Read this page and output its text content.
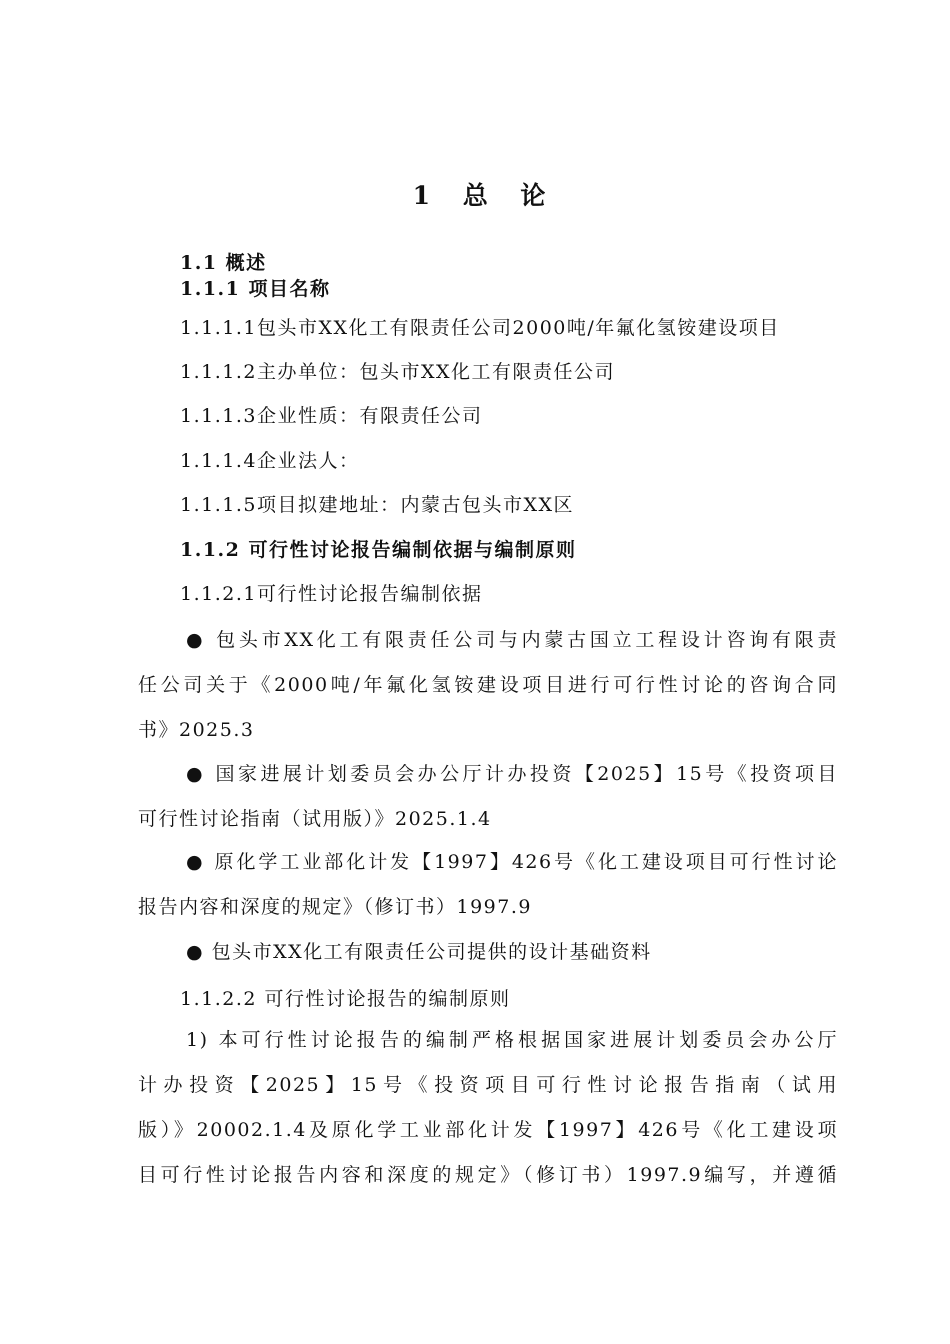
1 总 论
1.1 概述
1.1.1 项目名称
1.1.1.1包头市XX化工有限责任公司2000吨/年氟化氢铵建设项目
1.1.1.2主办单位：包头市XX化工有限责任公司
1.1.1.3企业性质：有限责任公司
1.1.1.4企业法人：
1.1.1.5项目拟建地址：内蒙古包头市XX区
1.1.2 可行性讨论报告编制依据与编制原则
1.1.2.1可行性讨论报告编制依据
● 包头市XX化工有限责任公司与内蒙古国立工程设计咨询有限责
任公司关于《2000吨/年氟化氢铵建设项目进行可行性讨论的咨询合同
书》2025.3
● 国家进展计划委员会办公厅计办投资【2025】15号《投资项目
可行性讨论指南（试用版）》2025.1.4
● 原化学工业部化计发【1997】426号《化工建设项目可行性讨论
报告内容和深度的规定》（修订书）1997.9
● 包头市XX化工有限责任公司提供的设计基础资料
1.1.2.2 可行性讨论报告的编制原则
1) 本可行性讨论报告的编制严格根据国家进展计划委员会办公厅
计办投资【2025】15号《投资项目可行性讨论报告指南（试用
版）》20002.1.4及原化学工业部化计发【1997】426号《化工建设项
目可行性讨论报告内容和深度的规定》（修订书）1997.9编写，并遵循
